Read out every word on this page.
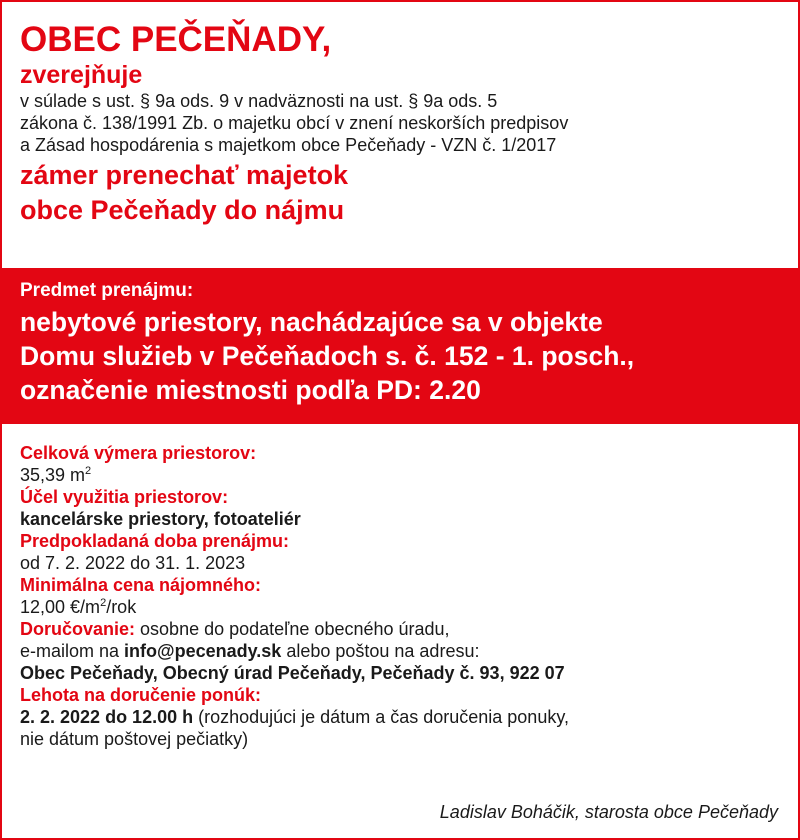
OBEC PEČEŇADY,

zverejňuje

v súlade s ust. § 9a ods. 9 v nadväznosti na ust. § 9a ods. 5

zákona č. 138/1991 Zb. o majetku obcí v znení neskorších predpisov

a Zásad hospodárenia s majetkom obce Pečeňady - VZN č. 1/2017

zámer prenechať majetok

obce Pečeňady do nájmu

Predmet prenájmu:

nebytové priestory, nachádzajúce sa v objekte

Domu služieb v Pečeňadoch s. č. 152 - 1. posch.,

označenie miestnosti podľa PD: 2.20

Celková výmera priestorov:

35,39 $m^2$

Účel využitia priestorov:

kancelárske priestory, fotoateliér

Predpokladaná doba prenájmu:

od 7. 2. 2022 do 31. 1. 2023

Minimálna cena nájomného:

12,00 $€/m^2$/rok

Doručovanie: osobne do podateľne obecného úradu,

e-mailom na info@pecenady.sk alebo poštou na adresu:

Obec Pečeňady, Obecný úrad Pečeňady, Pečeňady č. 93, 922 07

Lehota na doručenie ponúk:

2. 2. 2022 do 12.00 h (rozhodujúci je dátum a čas doručenia ponuky,

nie dátum poštovej pečiatky)

Ladislav Boháčik, starosta obce Pečeňady
